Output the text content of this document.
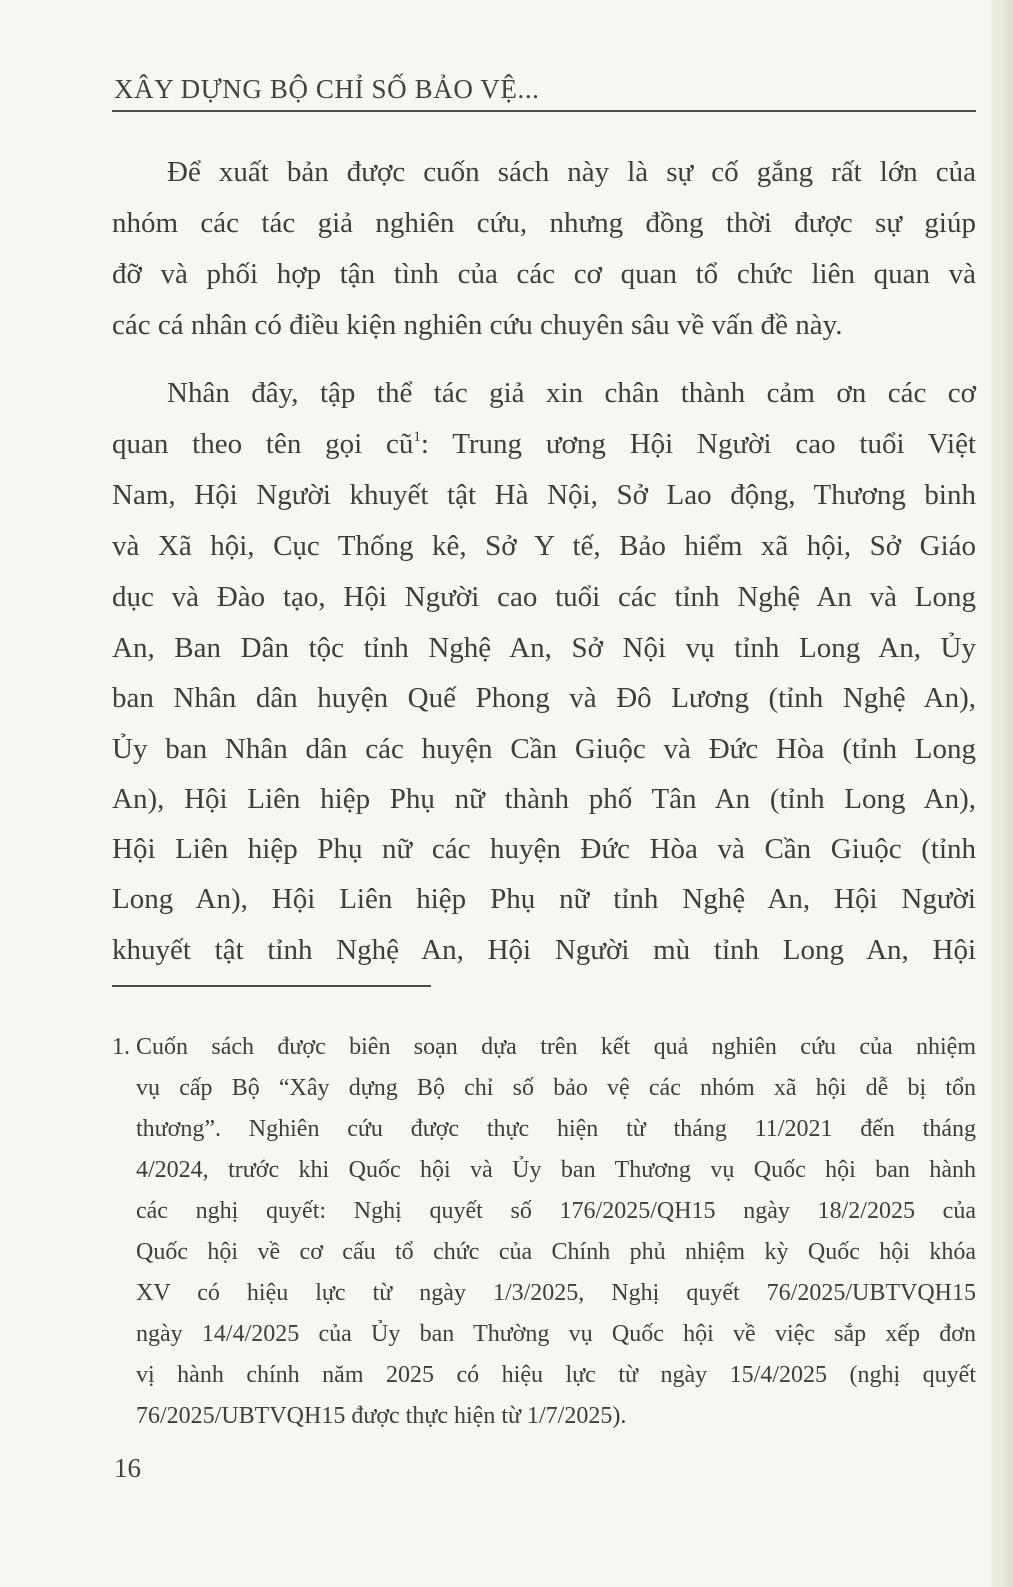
XÂY DỰNG BỘ CHỈ SỐ BẢO VỆ...
Để xuất bản được cuốn sách này là sự cố gắng rất lớn của
nhóm các tác giả nghiên cứu, nhưng đồng thời được sự giúp
đỡ và phối hợp tận tình của các cơ quan tổ chức liên quan và
các cá nhân có điều kiện nghiên cứu chuyên sâu về vấn đề này.
Nhân đây, tập thể tác giả xin chân thành cảm ơn các cơ
quan theo tên gọi $cũ^1$: Trung ương Hội Người cao tuổi Việt
Nam, Hội Người khuyết tật Hà Nội, Sở Lao động, Thương binh
và Xã hội, Cục Thống kê, Sở Y tế, Bảo hiểm xã hội, Sở Giáo
dục và Đào tạo, Hội Người cao tuổi các tỉnh Nghệ An và Long
An, Ban Dân tộc tỉnh Nghệ An, Sở Nội vụ tỉnh Long An, Ủy
ban Nhân dân huyện Quế Phong và Đô Lương (tỉnh Nghệ An),
Ủy ban Nhân dân các huyện Cần Giuộc và Đức Hòa (tỉnh Long
An), Hội Liên hiệp Phụ nữ thành phố Tân An (tỉnh Long An),
Hội Liên hiệp Phụ nữ các huyện Đức Hòa và Cần Giuộc (tỉnh
Long An), Hội Liên hiệp Phụ nữ tỉnh Nghệ An, Hội Người
khuyết tật tỉnh Nghệ An, Hội Người mù tỉnh Long An, Hội
1. Cuốn sách được biên soạn dựa trên kết quả nghiên cứu của nhiệm
vụ cấp Bộ “Xây dựng Bộ chỉ số bảo vệ các nhóm xã hội dễ bị tổn
thương”. Nghiên cứu được thực hiện từ tháng 11/2021 đến tháng
4/2024, trước khi Quốc hội và Ủy ban Thương vụ Quốc hội ban hành
các nghị quyết: Nghị quyết số 176/2025/QH15 ngày 18/2/2025 của
Quốc hội về cơ cấu tổ chức của Chính phủ nhiệm kỳ Quốc hội khóa
XV có hiệu lực từ ngày 1/3/2025, Nghị quyết 76/2025/UBTVQH15
ngày 14/4/2025 của Ủy ban Thường vụ Quốc hội về việc sắp xếp đơn
vị hành chính năm 2025 có hiệu lực từ ngày 15/4/2025 (nghị quyết
76/2025/UBTVQH15 được thực hiện từ 1/7/2025).
16
